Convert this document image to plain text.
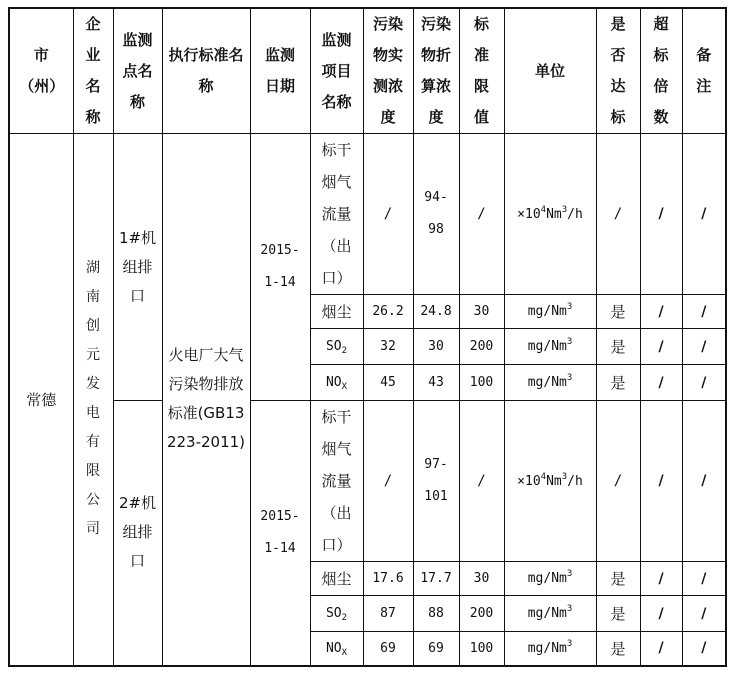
市（州）	企业名称	监测点名称	执行标准名称	监测日期	监测项目名称	污染物实测浓度	污染物折算浓度	标准限值	单位	是否达标	超标倍数	备注

常德	湖南创元发电有限公司	1#机组排口	火电厂大气污染物排放标准(GB13223-2011)	2015-1-14	标干烟气流量（出口）	/	94-98	/	$\times 10^4Nm^3/h$	/	/	/
					烟尘	26.2	24.8	30	mg/Nm$^3$	是	/	/
					$SO_2$	32	30	200	mg/Nm$^3$	是	/	/
					$NO_X$	45	43	100	mg/Nm$^3$	是	/	/

		2#机组排口		2015-1-14	标干烟气流量（出口）	/	97-101	/	$\times 10^4Nm^3/h$	/	/	/
					烟尘	17.6	17.7	30	mg/Nm$^3$	是	/	/
					$SO_2$	87	88	200	mg/Nm$^3$	是	/	/
					$NO_X$	69	69	100	mg/Nm$^3$	是	/	/
